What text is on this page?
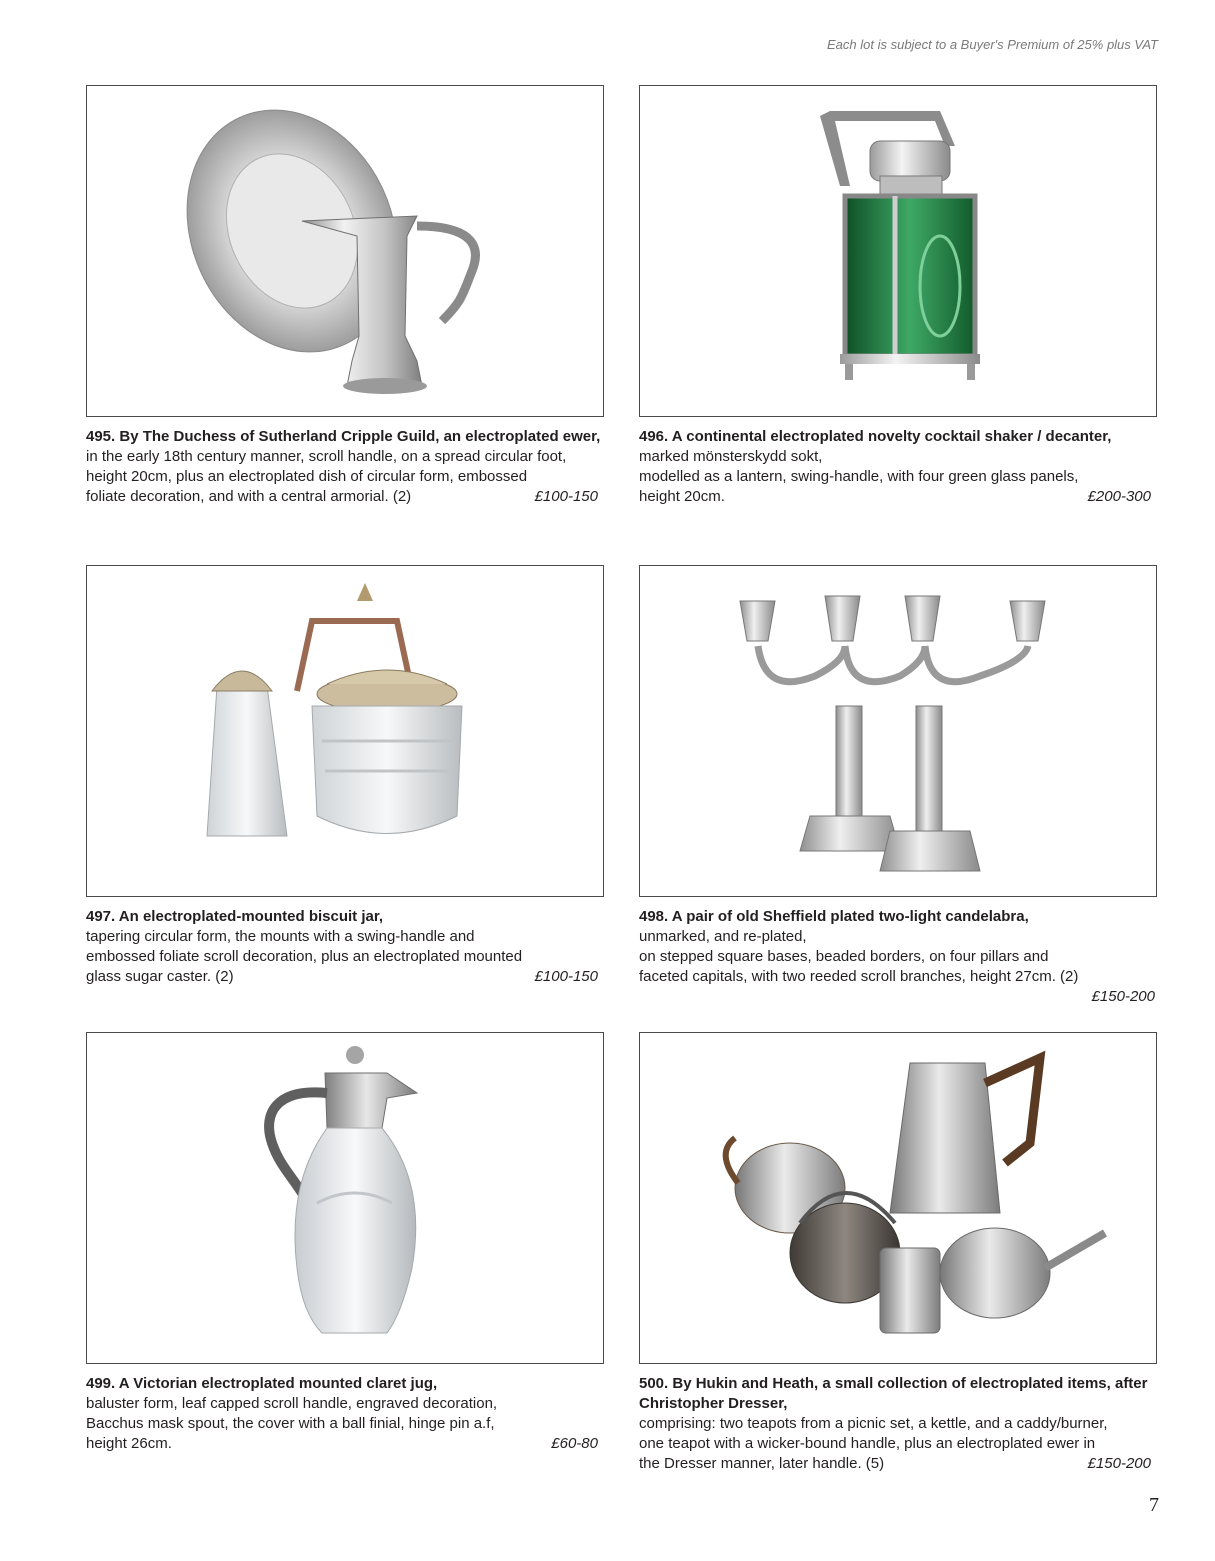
Each lot is subject to a Buyer's Premium of 25% plus VAT
495. By The Duchess of Sutherland Cripple Guild, an electroplated ewer,
in the early 18th century manner, scroll handle, on a spread circular foot,
height 20cm, plus an electroplated dish of circular form, embossed
£100-150
foliate decoration, and with a central armorial. (2)
496. A continental electroplated novelty cocktail shaker / decanter,
marked mönsterskydd sokt,
modelled as a lantern, swing-handle, with four green glass panels,
£200-300
height 20cm.
497. An electroplated-mounted biscuit jar,
tapering circular form, the mounts with a swing-handle and
embossed foliate scroll decoration, plus an electroplated mounted
£100-150
glass sugar caster. (2)
498. A pair of old Sheffield plated two-light candelabra,
unmarked, and re-plated,
on stepped square bases, beaded borders, on four pillars and
faceted capitals, with two reeded scroll branches, height 27cm. (2)
£150-200
499. A Victorian electroplated mounted claret jug,
baluster form, leaf capped scroll handle, engraved decoration,
Bacchus mask spout, the cover with a ball finial, hinge pin a.f,
£60-80
height 26cm.
500. By Hukin and Heath, a small collection of electroplated items, after Christopher Dresser,
comprising: two teapots from a picnic set, a kettle, and a caddy/burner,
one teapot with a wicker-bound handle, plus an electroplated ewer in
£150-200
the Dresser manner, later handle. (5)
7
